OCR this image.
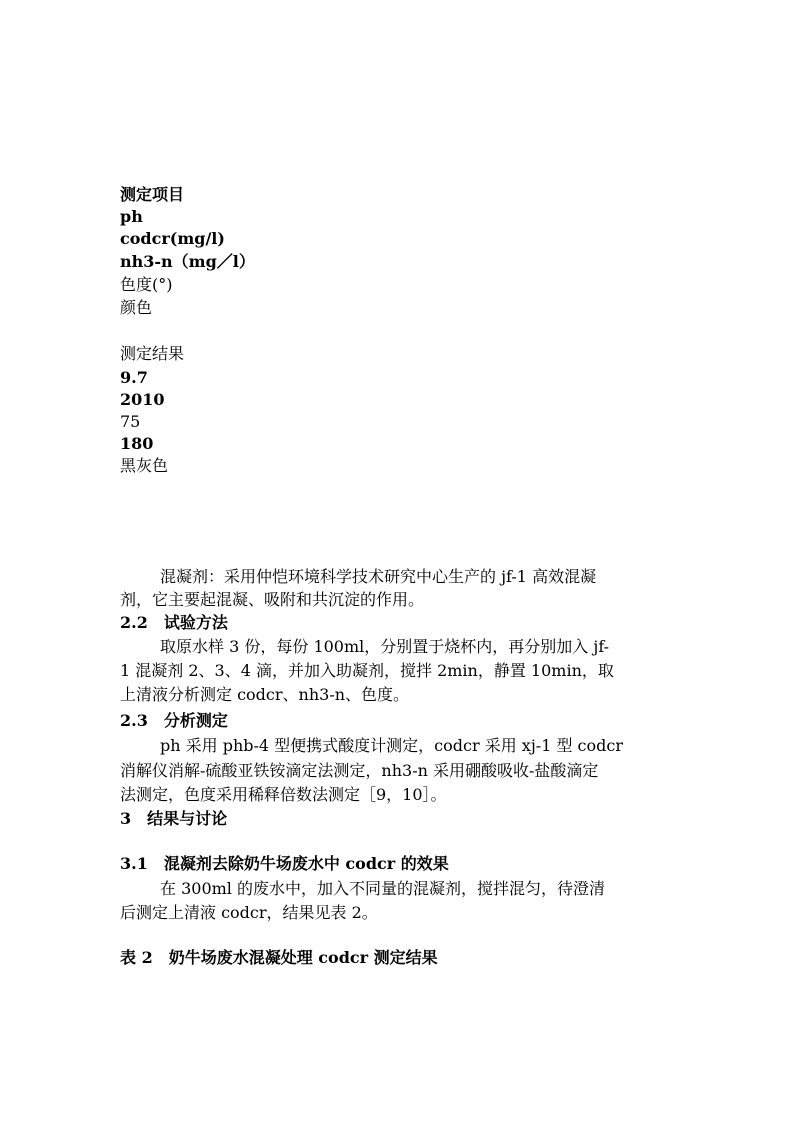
测定项目
ph
codcr(mg/l)
nh3-n（mg／l）
色度(°)
颜色
测定结果
9.7
2010
75
180
黑灰色
混凝剂：采用仲恺环境科学技术研究中心生产的 jf-1 高效混凝
剂，它主要起混凝、吸附和共沉淀的作用。
2.2　试验方法
取原水样 3 份，每份 100ml，分别置于烧杯内，再分别加入 jf-
1 混凝剂 2、3、4 滴，并加入助凝剂，搅拌 2min，静置 10min，取
上清液分析测定 codcr、nh3-n、色度。
2.3　分析测定
ph 采用 phb-4 型便携式酸度计测定，codcr 采用 xj-1 型 codcr
消解仪消解-硫酸亚铁铵滴定法测定，nh3-n 采用硼酸吸收-盐酸滴定
法测定，色度采用稀释倍数法测定［9，10］。
3　结果与讨论
3.1　混凝剂去除奶牛场废水中 codcr 的效果
在 300ml 的废水中，加入不同量的混凝剂，搅拌混匀，待澄清
后测定上清液 codcr，结果见表 2。
表 2　奶牛场废水混凝处理 codcr 测定结果
